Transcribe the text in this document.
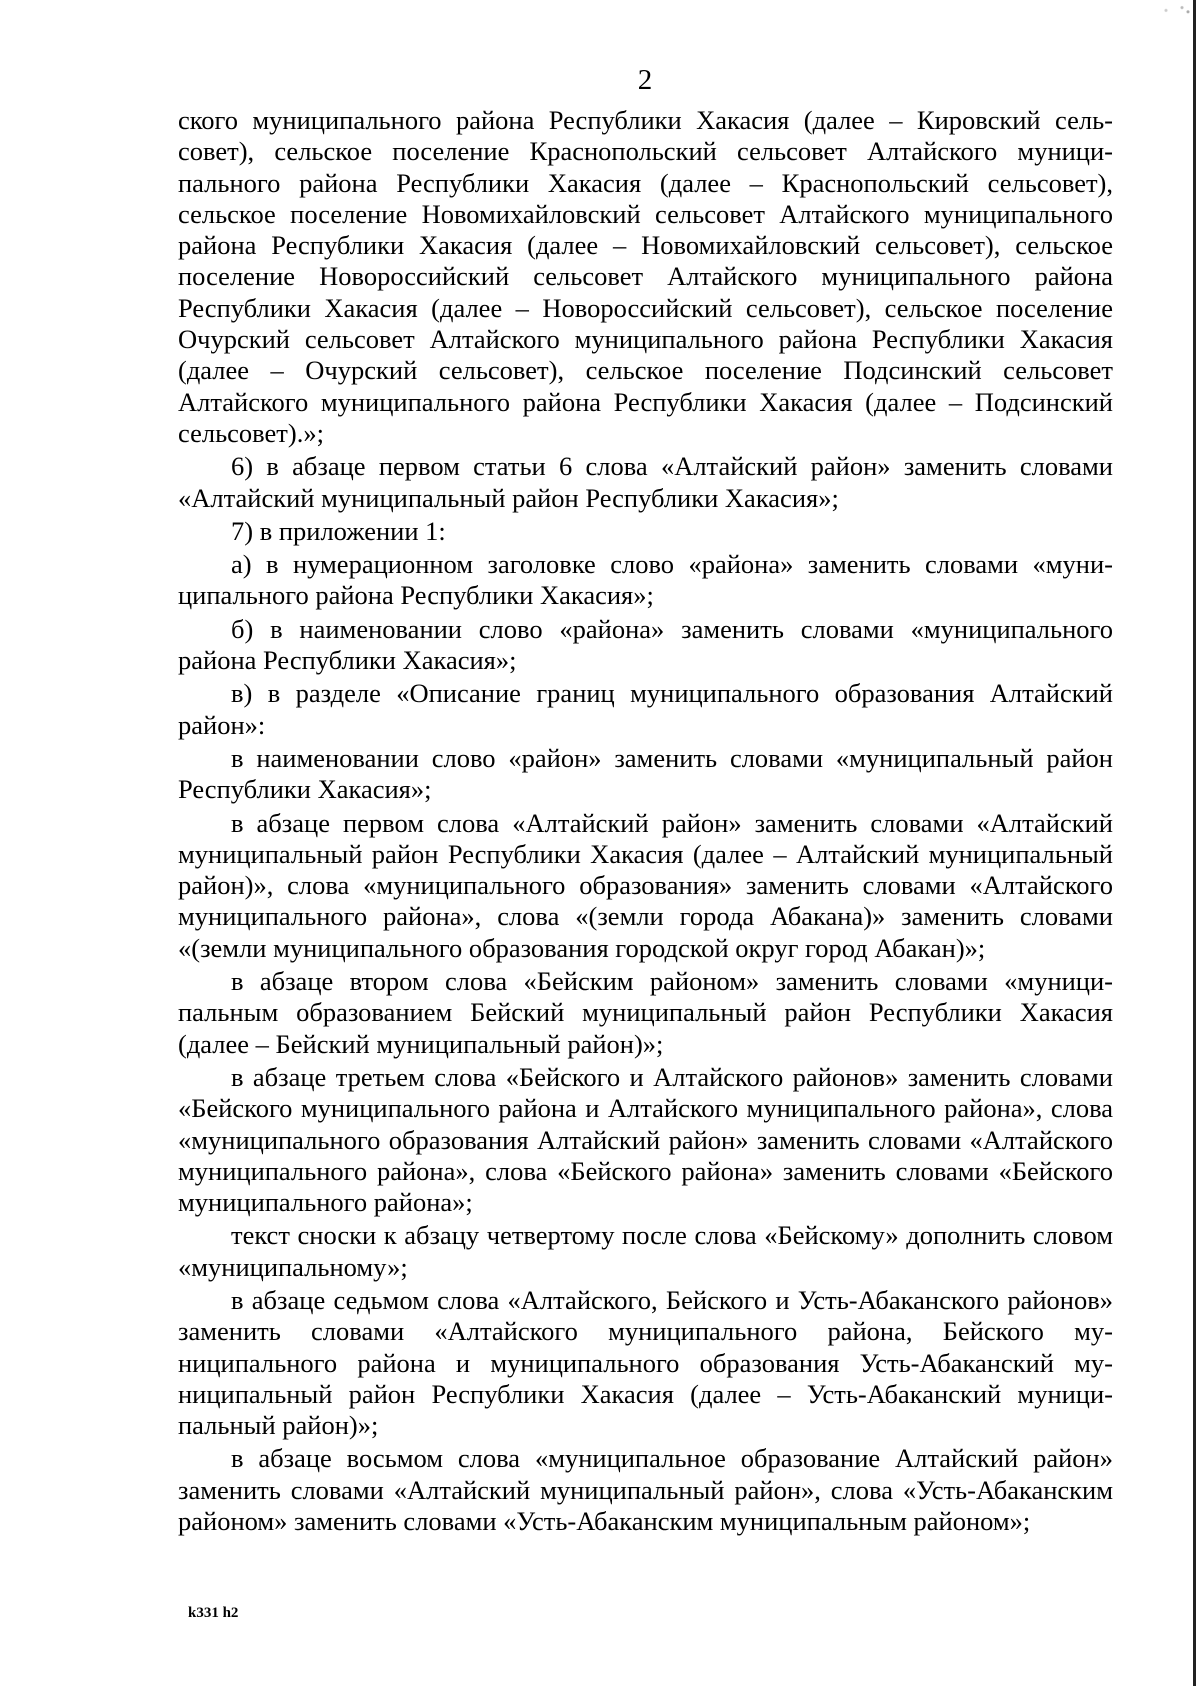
2

ского муниципального района Республики Хакасия (далее – Кировский сельсовет), сельское поселение Краснопольский сельсовет Алтайского муниципального района Республики Хакасия (далее – Краснопольский сельсовет), сельское поселение Новомихайловский сельсовет Алтайского муниципального района Республики Хакасия (далее – Новомихайловский сельсовет), сельское поселение Новороссийский сельсовет Алтайского муниципального района Республики Хакасия (далее – Новороссийский сельсовет), сельское поселение Очурский сельсовет Алтайского муниципального района Республики Хакасия (далее – Очурский сельсовет), сельское поселение Подсинский сельсовет Алтайского муниципального района Республики Хакасия (далее – Подсинский сельсовет).»;

6) в абзаце первом статьи 6 слова «Алтайский район» заменить словами «Алтайский муниципальный район Республики Хакасия»;

7) в приложении 1:

а) в нумерационном заголовке слово «района» заменить словами «муниципального района Республики Хакасия»;

б) в наименовании слово «района» заменить словами «муниципального района Республики Хакасия»;

в) в разделе «Описание границ муниципального образования Алтайский район»:

в наименовании слово «район» заменить словами «муниципальный район Республики Хакасия»;

в абзаце первом слова «Алтайский район» заменить словами «Алтайский муниципальный район Республики Хакасия (далее – Алтайский муниципальный район)», слова «муниципального образования» заменить словами «Алтайского муниципального района», слова «(земли города Абакана)» заменить словами «(земли муниципального образования городской округ город Абакан)»;

в абзаце втором слова «Бейским районом» заменить словами «муниципальным образованием Бейский муниципальный район Республики Хакасия (далее – Бейский муниципальный район)»;

в абзаце третьем слова «Бейского и Алтайского районов» заменить словами «Бейского муниципального района и Алтайского муниципального района», слова «муниципального образования Алтайский район» заменить словами «Алтайского муниципального района», слова «Бейского района» заменить словами «Бейского муниципального района»;

текст сноски к абзацу четвертому после слова «Бейскому» дополнить словом «муниципальному»;

в абзаце седьмом слова «Алтайского, Бейского и Усть-Абаканского районов» заменить словами «Алтайского муниципального района, Бейского муниципального района и муниципального образования Усть-Абаканский муниципальный район Республики Хакасия (далее – Усть-Абаканский муниципальный район)»;

в абзаце восьмом слова «муниципальное образование Алтайский район» заменить словами «Алтайский муниципальный район», слова «Усть-Абаканским районом» заменить словами «Усть-Абаканским муниципальным районом»;

k331 h2
